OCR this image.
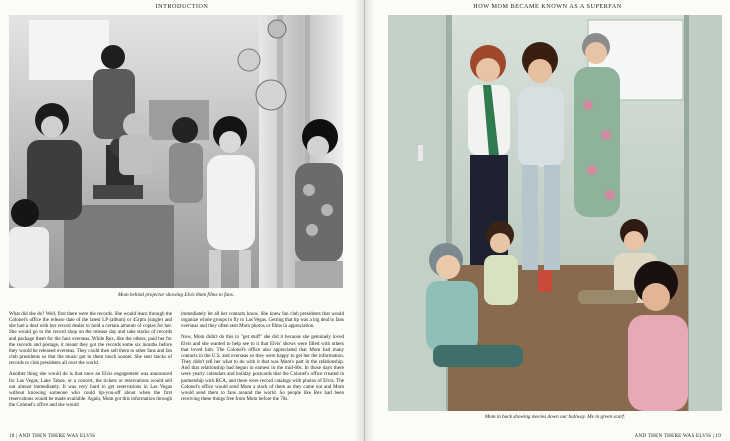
INTRODUCTION
Mom behind projector showing Elvis 8mm films to fans.

What did she do? Well, first there were the records. She would learn through the Colonel's office the release date of the latest LP (album) or 45rpm (single) and she had a deal with her record dealer to hold a certain amount of copies for her. She would go to the record shop on the release day and take stacks of records and package them for the fans overseas. While Rex, like the others, paid her for the records and postage, it meant they got the records some six months before they would be released overseas. They could then sell them to other fans and fan club presidents so that the music got to them much sooner. She sent stacks of records to club presidents all over the world.

Another thing she would do is that once an Elvis engagement was announced for Las Vegas, Lake Tahoe, or a concert, the tickets or reservations would sell out almost immediately. It was very hard to get reservations in Las Vegas without knowing someone who could tip-you-off about when the first reservations would be made available. Again, Mom got this information through the Colonel's office and she would

immediately let all her contacts know. She knew fan club presidents that would organize whole groups to fly to Las Vegas. Getting that tip was a big deal to fans overseas and they often sent Mom photos or films in appreciation.

Now, Mom didn't do this to "get stuff" she did it because she genuinely loved Elvis and she wanted to help see to it that Elvis' shows were filled with others that loved him. The Colonel's office also appreciated that Mom had many contacts in the U.S. and overseas so they were happy to get her the information. They didn't tell her what to do with it that was Mom's part in the relationship. And that relationship had begun in earnest in the mid-60s. In those days there were yearly calendars and holiday postcards that the Colonel's office created in partnership with RCA, and there were record catalogs with photos of Elvis. The Colonel's office would send Mom a stack of them as they came out and Mom would send them to fans around the world. So people like Rex had been receiving these things free from Mom before the 70s.

18 | AND THEN THERE WAS ELVIS
HOW MOM BECAME KNOWN AS A SUPERFAN
Mom in back showing movies down our hallway. Me in green scarf.
AND THEN THERE WAS ELVIS | 19
